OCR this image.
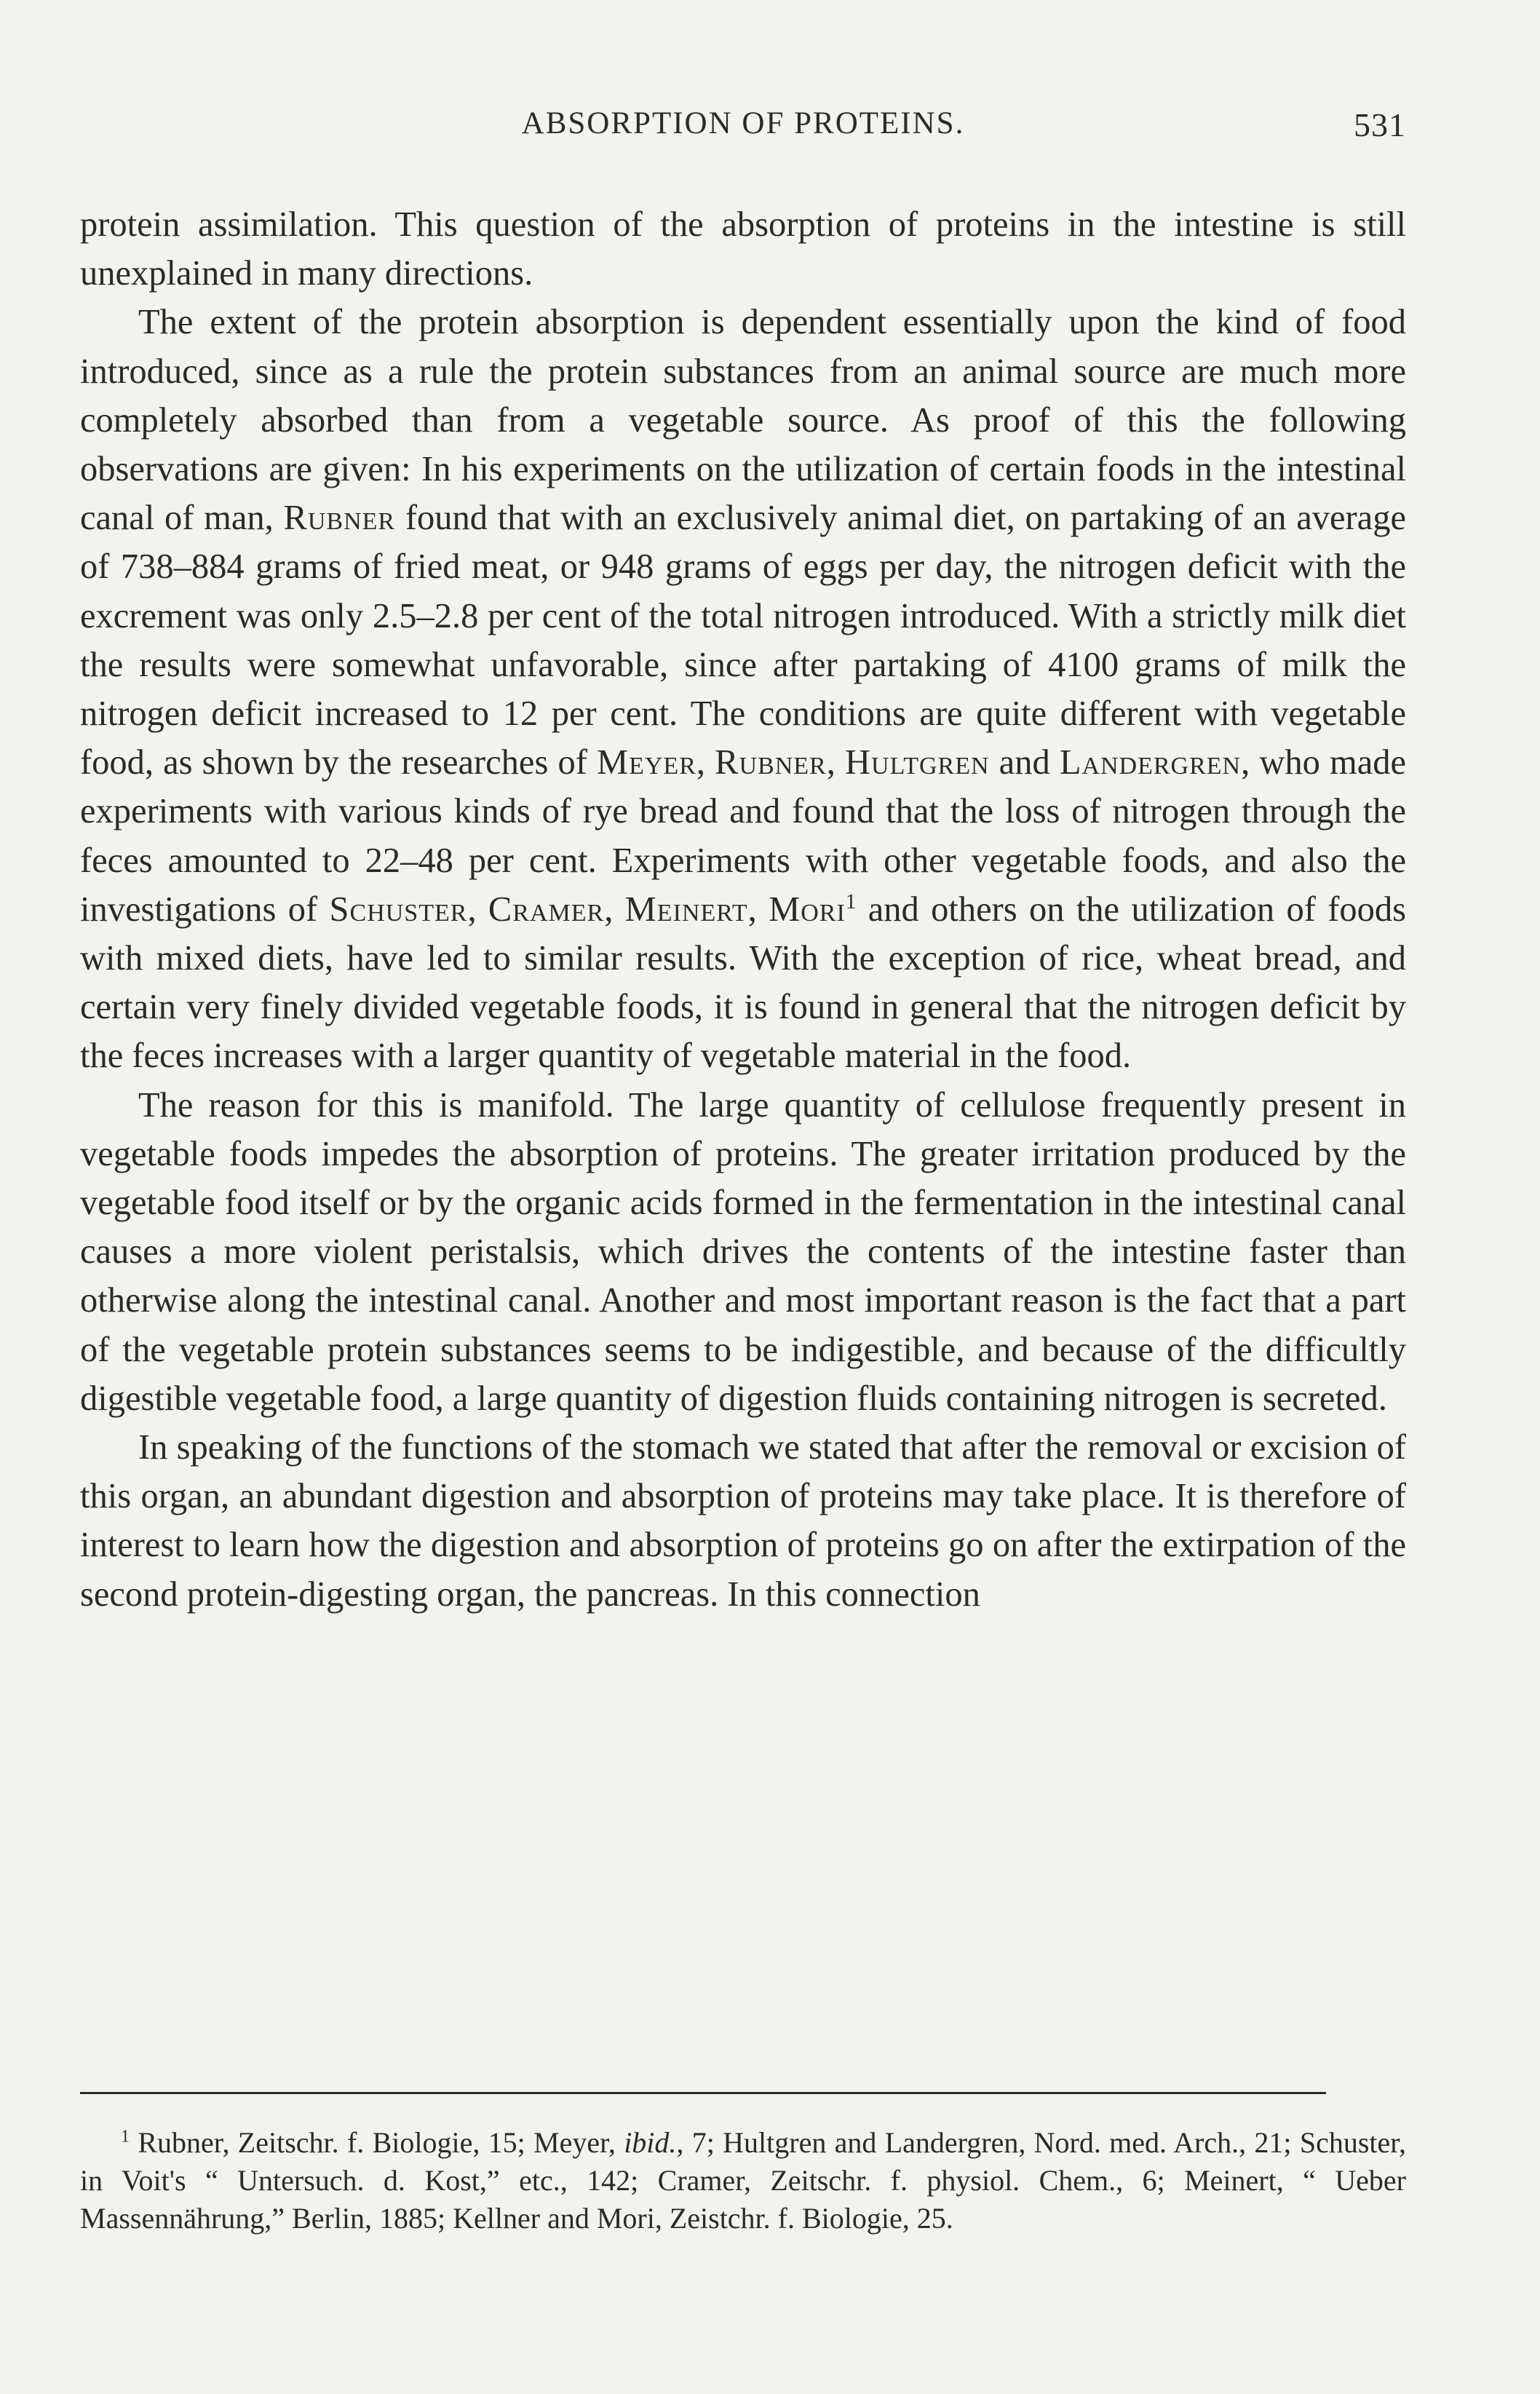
ABSORPTION OF PROTEINS.	531

protein assimilation. This question of the absorption of proteins in the intestine is still unexplained in many directions.

The extent of the protein absorption is dependent essentially upon the kind of food introduced, since as a rule the protein substances from an animal source are much more completely absorbed than from a vegetable source. As proof of this the following observations are given: In his experiments on the utilization of certain foods in the intestinal canal of man, Rubner found that with an exclusively animal diet, on partaking of an average of 738–884 grams of fried meat, or 948 grams of eggs per day, the nitrogen deficit with the excrement was only 2.5–2.8 per cent of the total nitrogen introduced. With a strictly milk diet the results were somewhat unfavorable, since after partaking of 4100 grams of milk the nitrogen deficit increased to 12 per cent. The conditions are quite different with vegetable food, as shown by the researches of Meyer, Rubner, Hultgren and Landergren, who made experiments with various kinds of rye bread and found that the loss of nitrogen through the feces amounted to 22–48 per cent. Experiments with other vegetable foods, and also the investigations of Schuster, Cramer, Meinert, Mori$^1$ and others on the utilization of foods with mixed diets, have led to similar results. With the exception of rice, wheat bread, and certain very finely divided vegetable foods, it is found in general that the nitrogen deficit by the feces increases with a larger quantity of vegetable material in the food.

The reason for this is manifold. The large quantity of cellulose frequently present in vegetable foods impedes the absorption of proteins. The greater irritation produced by the vegetable food itself or by the organic acids formed in the fermentation in the intestinal canal causes a more violent peristalsis, which drives the contents of the intestine faster than otherwise along the intestinal canal. Another and most important reason is the fact that a part of the vegetable protein substances seems to be indigestible, and because of the difficultly digestible vegetable food, a large quantity of digestion fluids containing nitrogen is secreted.

In speaking of the functions of the stomach we stated that after the removal or excision of this organ, an abundant digestion and absorption of proteins may take place. It is therefore of interest to learn how the digestion and absorption of proteins go on after the extirpation of the second protein-digesting organ, the pancreas. In this connection

$^1$ Rubner, Zeitschr. f. Biologie, 15; Meyer, ibid., 7; Hultgren and Landergren, Nord. med. Arch., 21; Schuster, in Voit's “ Untersuch. d. Kost,” etc., 142; Cramer, Zeitschr. f. physiol. Chem., 6; Meinert, “ Ueber Massennährung,” Berlin, 1885; Kellner and Mori, Zeistchr. f. Biologie, 25.
